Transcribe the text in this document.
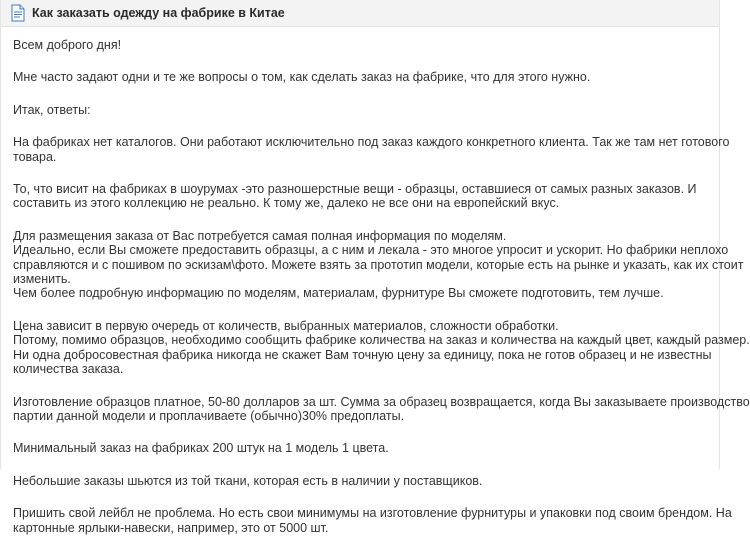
Как заказать одежду на фабрике в Китае

Всем доброго дня!

Мне часто задают одни и те же вопросы о том, как сделать заказ на фабрике, что для этого нужно.

Итак, ответы:

На фабриках нет каталогов. Они работают исключительно под заказ каждого конкретного клиента. Так же там нет готового
товара.

То, что висит на фабриках в шоурумах -это разношерстные вещи - образцы, оставшиеся от самых разных заказов. И
составить из этого коллекцию не реально. К тому же, далеко не все они на европейский вкус.

Для размещения заказа от Вас потребуется самая полная информация по моделям.
Идеально, если Вы сможете предоставить образцы, а с ним и лекала - это многое упросит и ускорит. Но фабрики неплохо
справляются и с пошивом по эскизам\фото. Можете взять за прототип модели, которые есть на рынке и указать, как их стоит
изменить.
Чем более подробную информацию по моделям, материалам, фурнитуре Вы сможете подготовить, тем лучше.

Цена зависит в первую очередь от количеств, выбранных материалов, сложности обработки.
Потому, помимо образцов, необходимо сообщить фабрике количества на заказ и количества на каждый цвет, каждый размер.
Ни одна добросовестная фабрика никогда не скажет Вам точную цену за единицу, пока не готов образец и не известны
количества заказа.

Изготовление образцов платное, 50-80 долларов за шт. Сумма за образец возвращается, когда Вы заказываете производство
партии данной модели и проплачиваете (обычно)30% предоплаты.

Минимальный заказ на фабриках 200 штук на 1 модель 1 цвета.

Небольшие заказы шьются из той ткани, которая есть в наличии у поставщиков.

Пришить свой лейбл не проблема. Но есть свои минимумы на изготовление фурнитуры и упаковки под своим брендом. На
картонные ярлыки-навески, например, это от 5000 шт.
